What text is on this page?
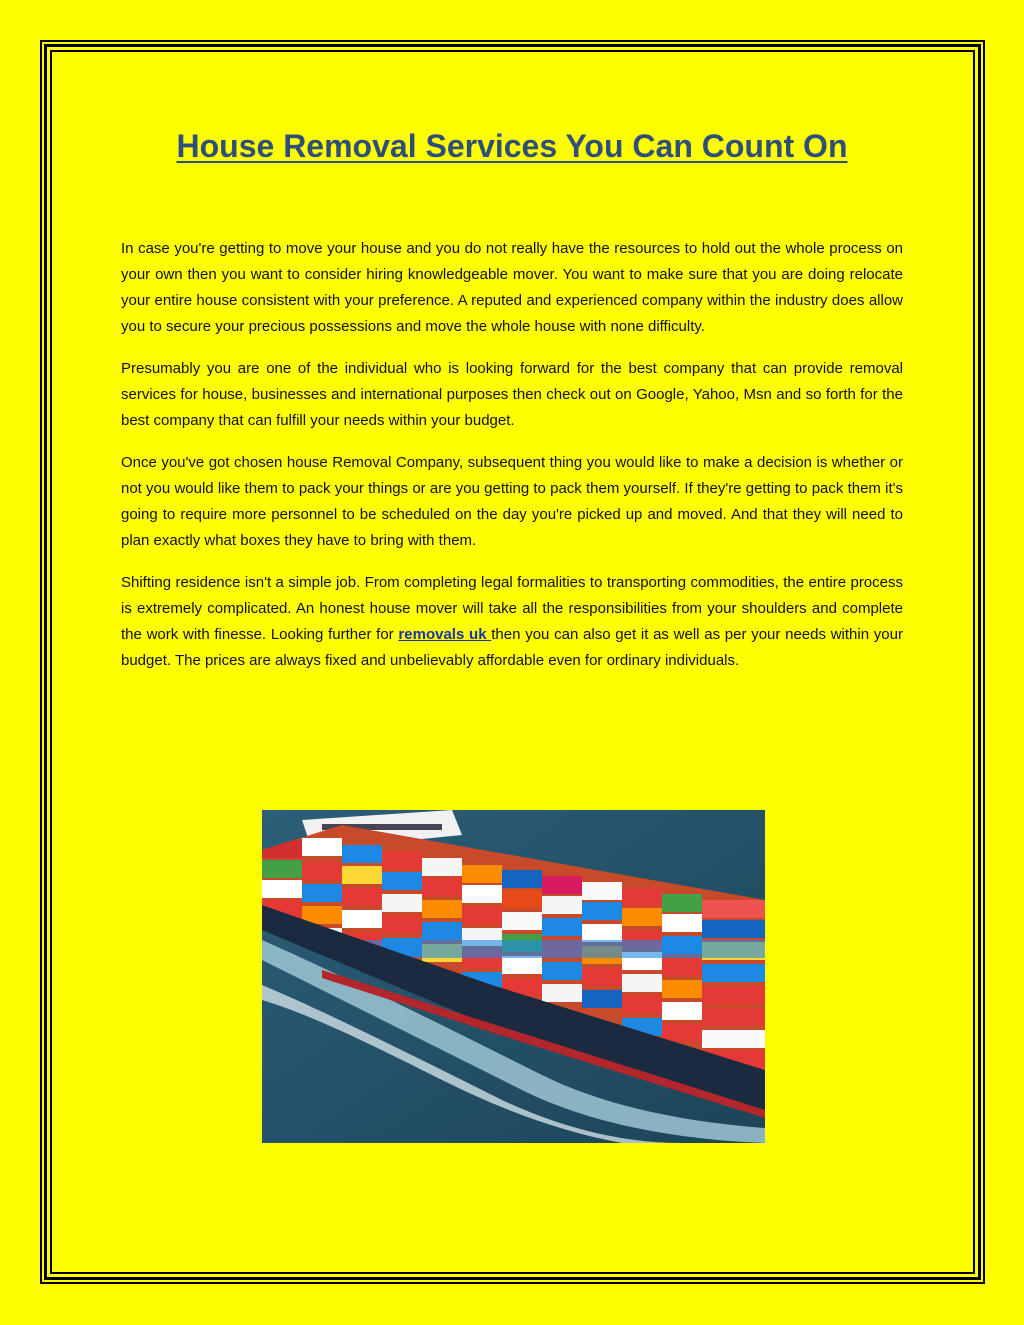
House Removal Services You Can Count On

In case you're getting to move your house and you do not really have the resources to hold out the whole process on your own then you want to consider hiring knowledgeable mover. You want to make sure that you are doing relocate your entire house consistent with your preference. A reputed and experienced company within the industry does allow you to secure your precious possessions and move the whole house with none difficulty.

Presumably you are one of the individual who is looking forward for the best company that can provide removal services for house, businesses and international purposes then check out on Google, Yahoo, Msn and so forth for the best company that can fulfill your needs within your budget.

Once you've got chosen house Removal Company, subsequent thing you would like to make a decision is whether or not you would like them to pack your things or are you getting to pack them yourself. If they're getting to pack them it's going to require more personnel to be scheduled on the day you're picked up and moved. And that they will need to plan exactly what boxes they have to bring with them.

Shifting residence isn't a simple job. From completing legal formalities to transporting commodities, the entire process is extremely complicated. An honest house mover will take all the responsibilities from your shoulders and complete the work with finesse. Looking further for removals uk then you can also get it as well as per your needs within your budget. The prices are always fixed and unbelievably affordable even for ordinary individuals.
